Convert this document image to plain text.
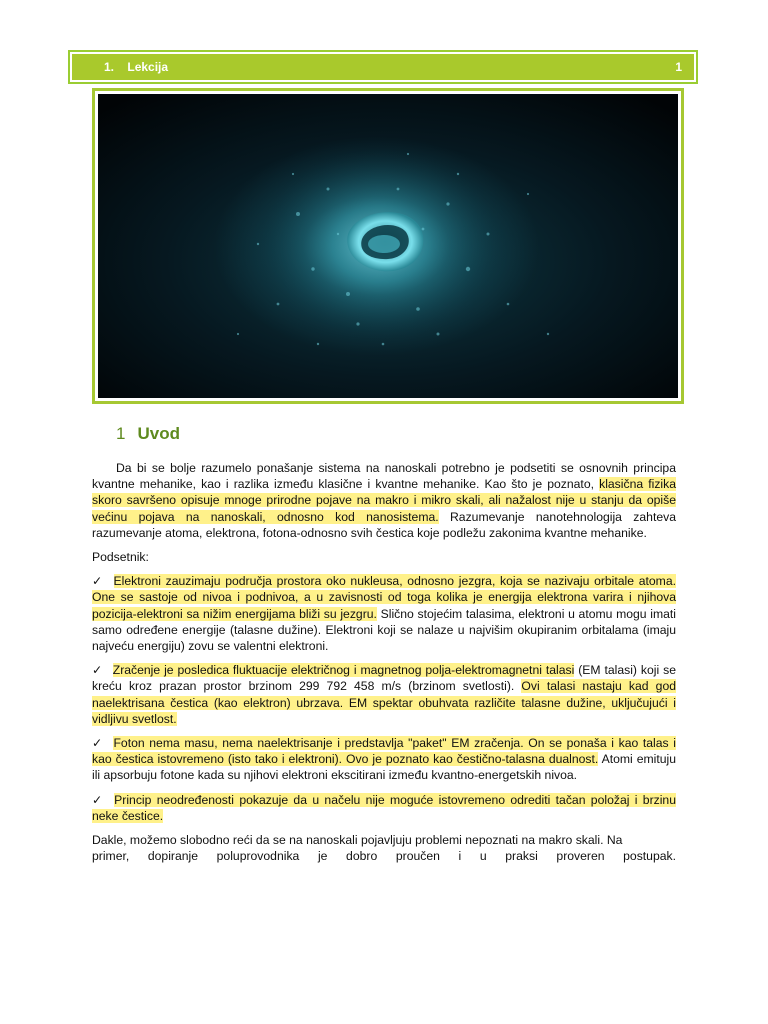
1. Lekcija	1
1 Uvod

Da bi se bolje razumelo ponašanje sistema na nanoskali potrebno je podsetiti se osnovnih principa kvantne mehanike, kao i razlika između klasične i kvantne mehanike. Kao što je poznato, klasična fizika skoro savršeno opisuje mnoge prirodne pojave na makro i mikro skali, ali nažalost nije u stanju da opiše većinu pojava na nanoskali, odnosno kod nanosistema. Razumevanje nanotehnologija zahteva razumevanje atoma, elektrona, fotona-odnosno svih čestica koje podležu zakonima kvantne mehanike.

Podsetnik:

✓ Elektroni zauzimaju područja prostora oko nukleusa, odnosno jezgra, koja se nazivaju orbitale atoma. One se sastoje od nivoa i podnivoa, a u zavisnosti od toga kolika je energija elektrona varira i njihova pozicija-elektroni sa nižim energijama bliži su jezgru. Slično stojećim talasima, elektroni u atomu mogu imati samo određene energije (talasne dužine). Elektroni koji se nalaze u najvišim okupiranim orbitalama (imaju najveću energiju) zovu se valentni elektroni.

✓ Zračenje je posledica fluktuacije električnog i magnetnog polja-elektromagnetni talasi (EM talasi) koji se kreću kroz prazan prostor brzinom 299 792 458 m/s (brzinom svetlosti). Ovi talasi nastaju kad god naelektrisana čestica (kao elektron) ubrzava. EM spektar obuhvata različite talasne dužine, uključujući i vidljivu svetlost.

✓ Foton nema masu, nema naelektrisanje i predstavlja "paket" EM zračenja. On se ponaša i kao talas i kao čestica istovremeno (isto tako i elektroni). Ovo je poznato kao čestično-talasna dualnost. Atomi emituju ili apsorbuju fotone kada su njihovi elektroni ekscitirani između kvantno-energetskih nivoa.

✓ Princip neodređenosti pokazuje da u načelu nije moguće istovremeno odrediti tačan položaj i brzinu neke čestice.

Dakle, možemo slobodno reći da se na nanoskali pojavljuju problemi nepoznati na makro skali. Na

primer, dopiranje poluprovodnika je dobro proučen i u praksi proveren postupak.
